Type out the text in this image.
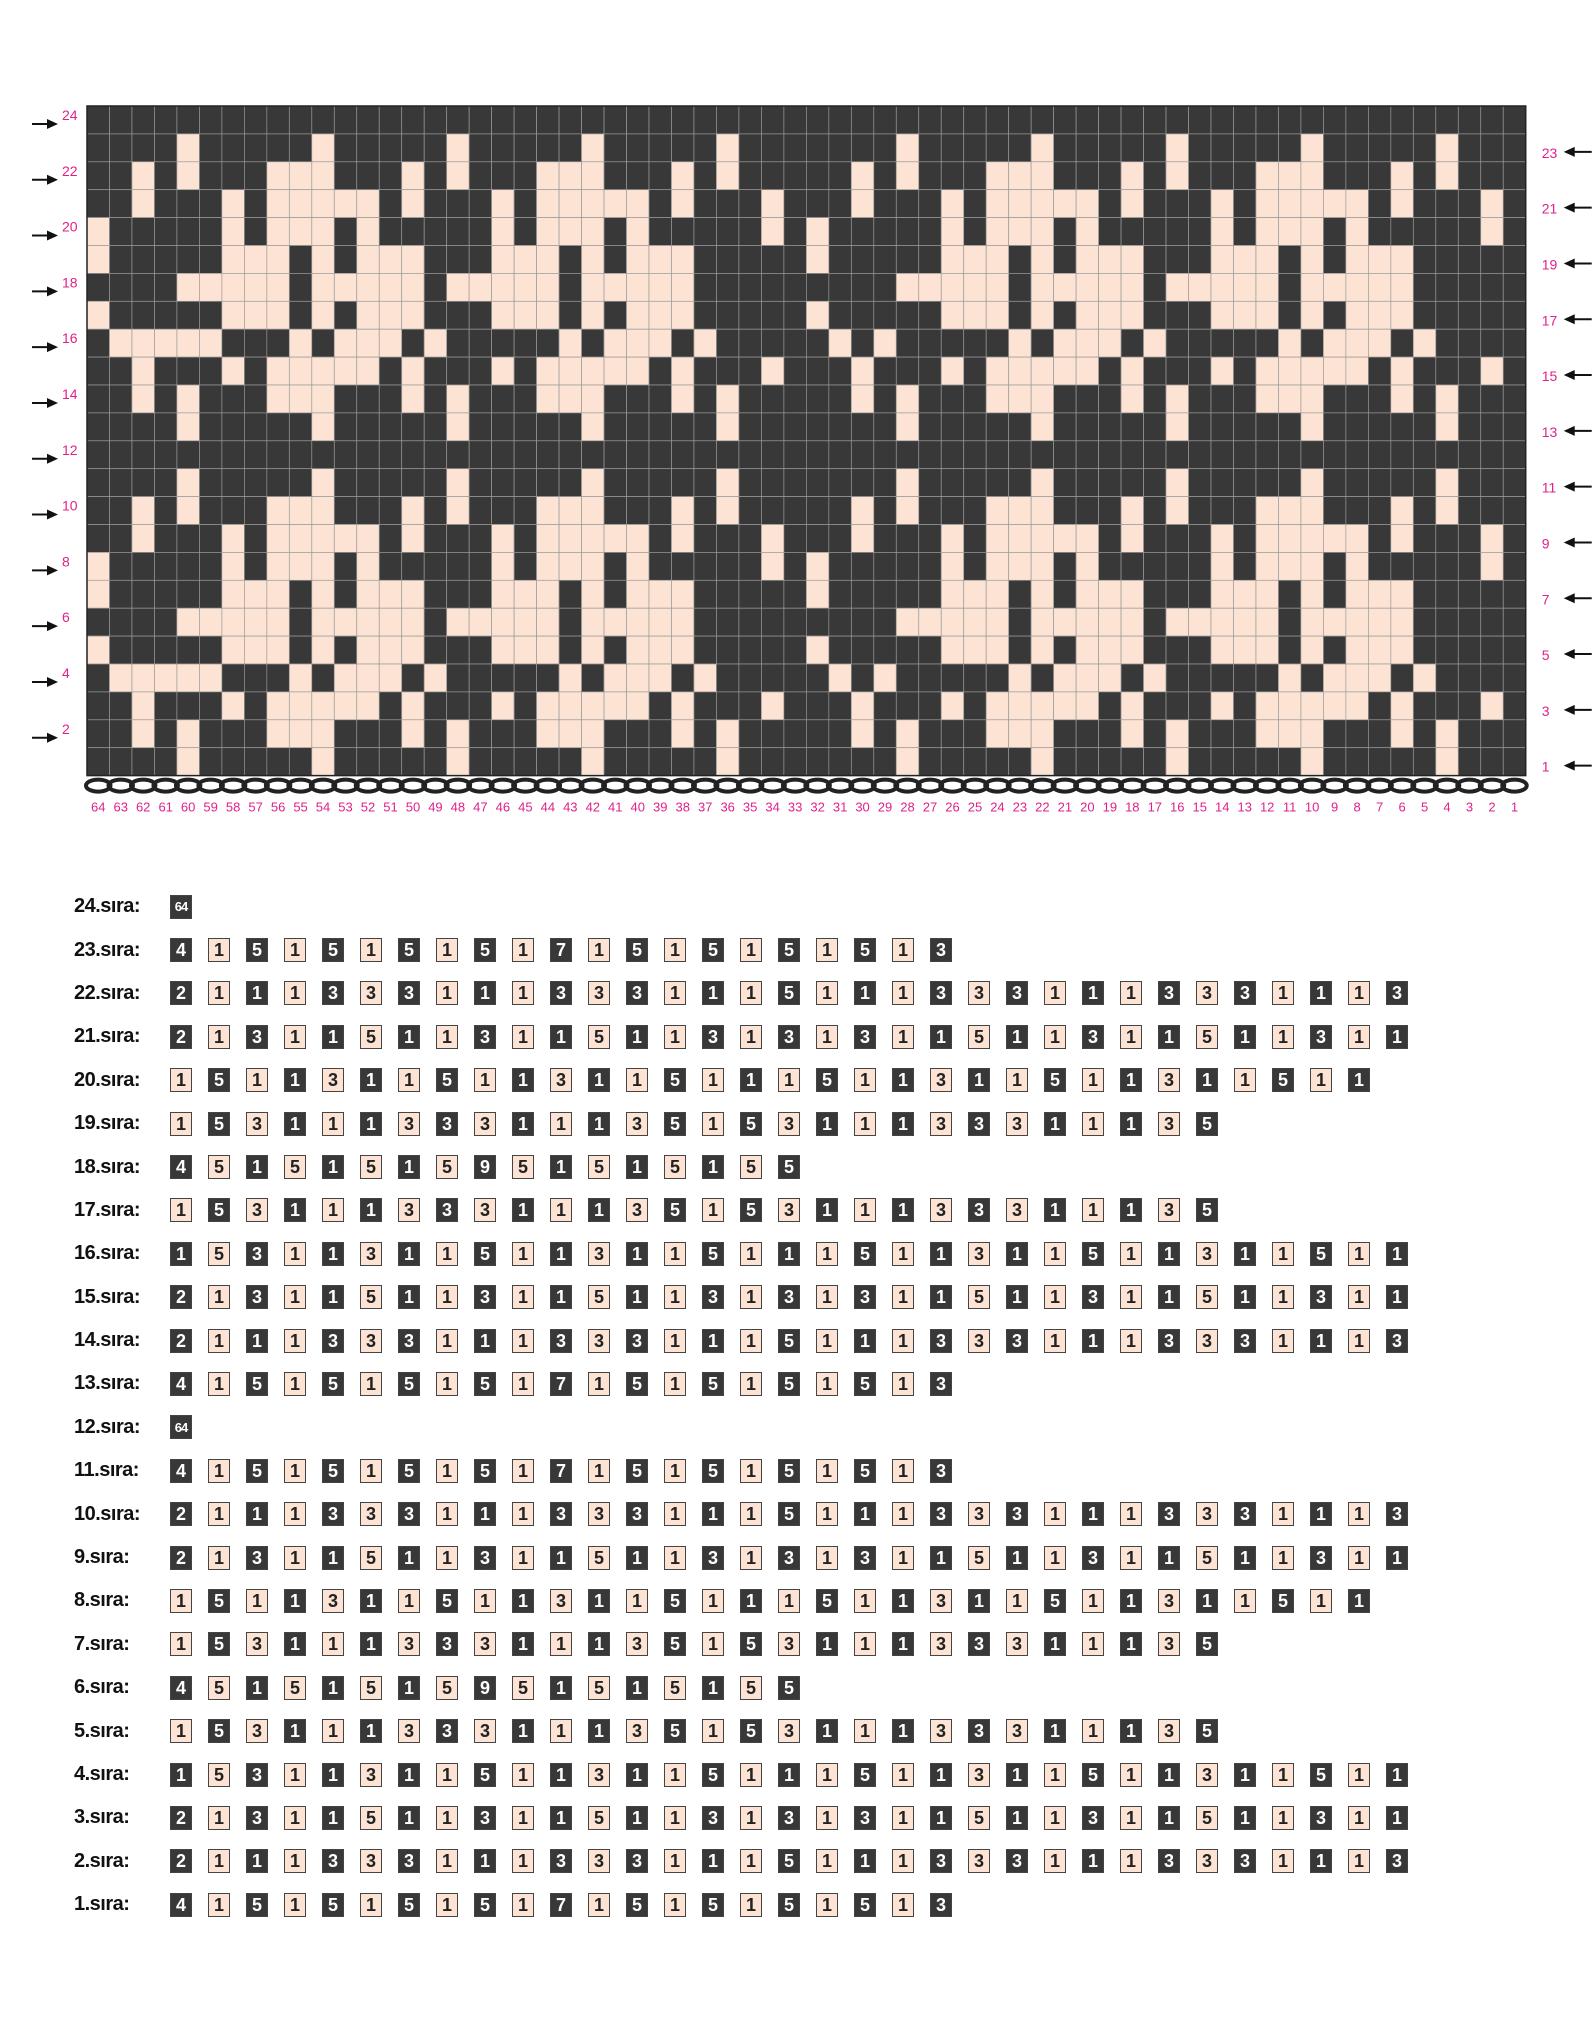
64 63 62 61 60 59 58 57 56 55 54 53 52 51 50 49 48 47 46 45 44 43 42 41 40 39 38 37 36 35 34 33 32 31 30 29 28 27 26 25 24 23 22 21 20 19 18 17 16 15 14 13 12 11 10 9 8 7 6 5 4 3 2 1
24
22
20
18
16
14
12
10
8
6
4
2
23
21
19
17
15
13
11
9
7
5
3
1
24.sıra:	64
23.sıra:	4	1	5	1	5	1	5	1	5	1	7	1	5	1	5	1	5	1	5	1	3
22.sıra:	2	1	1	1	3	3	3	1	1	1	3	3	3	1	1	1	5	1	1	1	3	3	3	1	1	1	3	3	3	1	1	1	3
21.sıra:	2	1	3	1	1	5	1	1	3	1	1	5	1	1	3	1	3	1	3	1	1	5	1	1	3	1	1	5	1	1	3	1	1
20.sıra:	1	5	1	1	3	1	1	5	1	1	3	1	1	5	1	1	1	5	1	1	3	1	1	5	1	1	3	1	1	5	1	1
19.sıra:	1	5	3	1	1	1	3	3	3	1	1	1	3	5	1	5	3	1	1	1	3	3	3	1	1	1	3	5
18.sıra:	4	5	1	5	1	5	1	5	9	5	1	5	1	5	1	5	5
17.sıra:	1	5	3	1	1	1	3	3	3	1	1	1	3	5	1	5	3	1	1	1	3	3	3	1	1	1	3	5
16.sıra:	1	5	3	1	1	3	1	1	5	1	1	3	1	1	5	1	1	1	5	1	1	3	1	1	5	1	1	3	1	1	5	1	1
15.sıra:	2	1	3	1	1	5	1	1	3	1	1	5	1	1	3	1	3	1	3	1	1	5	1	1	3	1	1	5	1	1	3	1	1
14.sıra:	2	1	1	1	3	3	3	1	1	1	3	3	3	1	1	1	5	1	1	1	3	3	3	1	1	1	3	3	3	1	1	1	3
13.sıra:	4	1	5	1	5	1	5	1	5	1	7	1	5	1	5	1	5	1	5	1	3
12.sıra:	64
11.sıra:	4	1	5	1	5	1	5	1	5	1	7	1	5	1	5	1	5	1	5	1	3
10.sıra:	2	1	1	1	3	3	3	1	1	1	3	3	3	1	1	1	5	1	1	1	3	3	3	1	1	1	3	3	3	1	1	1	3
9.sıra:	2	1	3	1	1	5	1	1	3	1	1	5	1	1	3	1	3	1	3	1	1	5	1	1	3	1	1	5	1	1	3	1	1
8.sıra:	1	5	1	1	3	1	1	5	1	1	3	1	1	5	1	1	1	5	1	1	3	1	1	5	1	1	3	1	1	5	1	1
7.sıra:	1	5	3	1	1	1	3	3	3	1	1	1	3	5	1	5	3	1	1	1	3	3	3	1	1	1	3	5
6.sıra:	4	5	1	5	1	5	1	5	9	5	1	5	1	5	1	5	5
5.sıra:	1	5	3	1	1	1	3	3	3	1	1	1	3	5	1	5	3	1	1	1	3	3	3	1	1	1	3	5
4.sıra:	1	5	3	1	1	3	1	1	5	1	1	3	1	1	5	1	1	1	5	1	1	3	1	1	5	1	1	3	1	1	5	1	1
3.sıra:	2	1	3	1	1	5	1	1	3	1	1	5	1	1	3	1	3	1	3	1	1	5	1	1	3	1	1	5	1	1	3	1	1
2.sıra:	2	1	1	1	3	3	3	1	1	1	3	3	3	1	1	1	5	1	1	1	3	3	3	1	1	1	3	3	3	1	1	1	3
1.sıra:	4	1	5	1	5	1	5	1	5	1	7	1	5	1	5	1	5	1	5	1	3
